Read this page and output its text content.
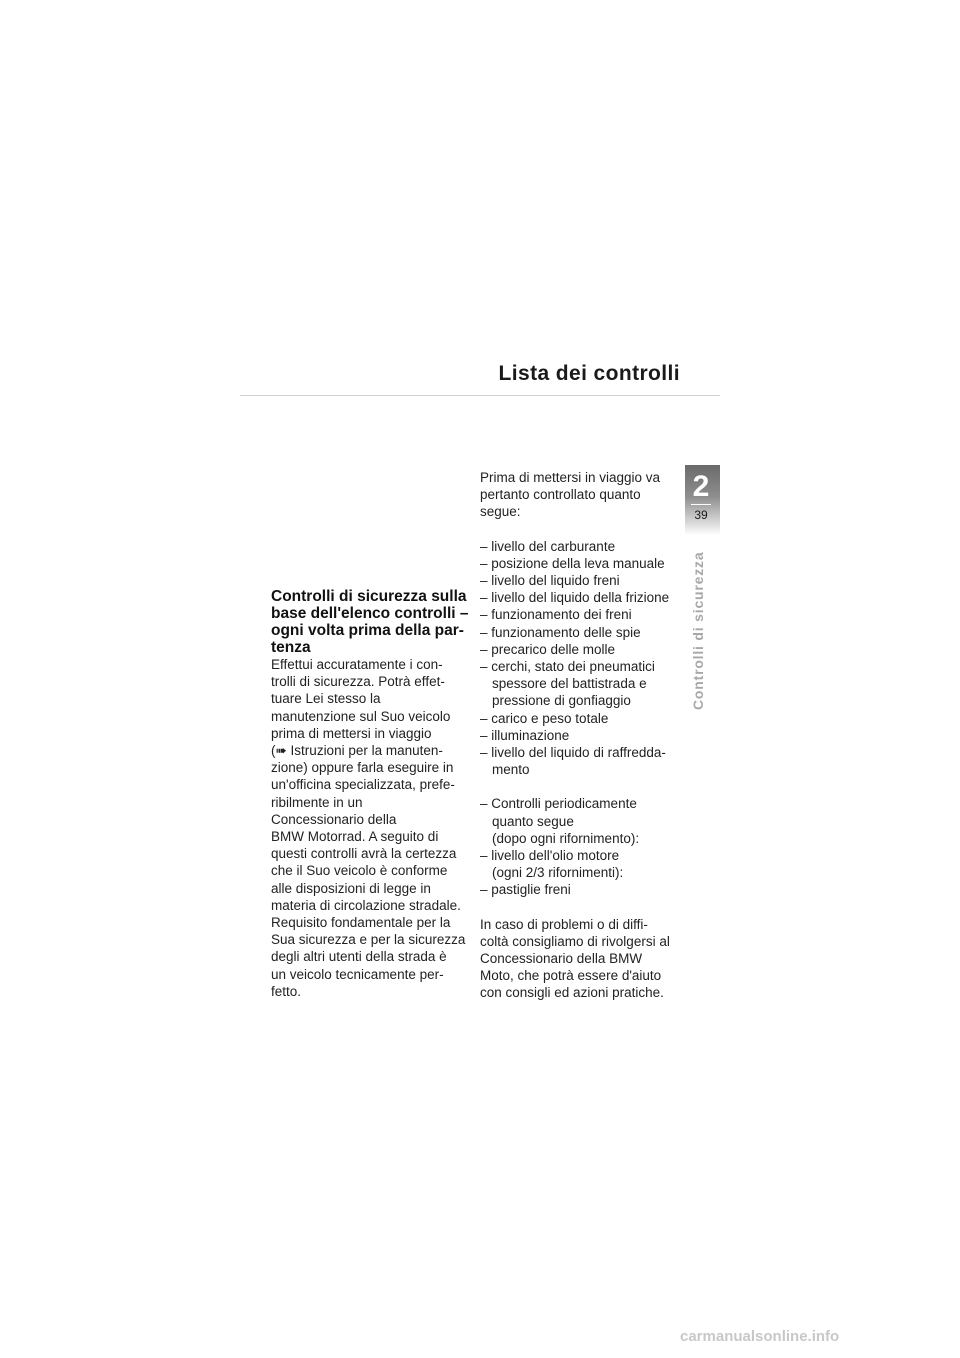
Lista dei controlli
2
39
Controlli di sicurezza
Controlli di sicurezza sulla
base dell'elenco controlli –
ogni volta prima della par-
tenza
Effettui accuratamente i con-
trolli di sicurezza. Potrà effet-
tuare Lei stesso la
manutenzione sul Suo veicolo
prima di mettersi in viaggio
(➠ Istruzioni per la manuten-
zione) oppure farla eseguire in
un'officina specializzata, prefe-
ribilmente in un
Concessionario della
BMW Motorrad. A seguito di
questi controlli avrà la certezza
che il Suo veicolo è conforme
alle disposizioni di legge in
materia di circolazione stradale.
Requisito fondamentale per la
Sua sicurezza e per la sicurezza
degli altri utenti della strada è
un veicolo tecnicamente per-
fetto.
Prima di mettersi in viaggio va
pertanto controllato quanto
segue:
– livello del carburante
– posizione della leva manuale
– livello del liquido freni
– livello del liquido della frizione
– funzionamento dei freni
– funzionamento delle spie
– precarico delle molle
– cerchi, stato dei pneumatici
spessore del battistrada e
pressione di gonfiaggio
– carico e peso totale
– illuminazione
– livello del liquido di raffredda-
mento
– Controlli periodicamente
quanto segue
(dopo ogni rifornimento):
– livello dell'olio motore
(ogni 2/3 rifornimenti):
– pastiglie freni
In caso di problemi o di diffi-
coltà consigliamo di rivolgersi al
Concessionario della BMW
Moto, che potrà essere d'aiuto
con consigli ed azioni pratiche.
carmanualsonline.info
